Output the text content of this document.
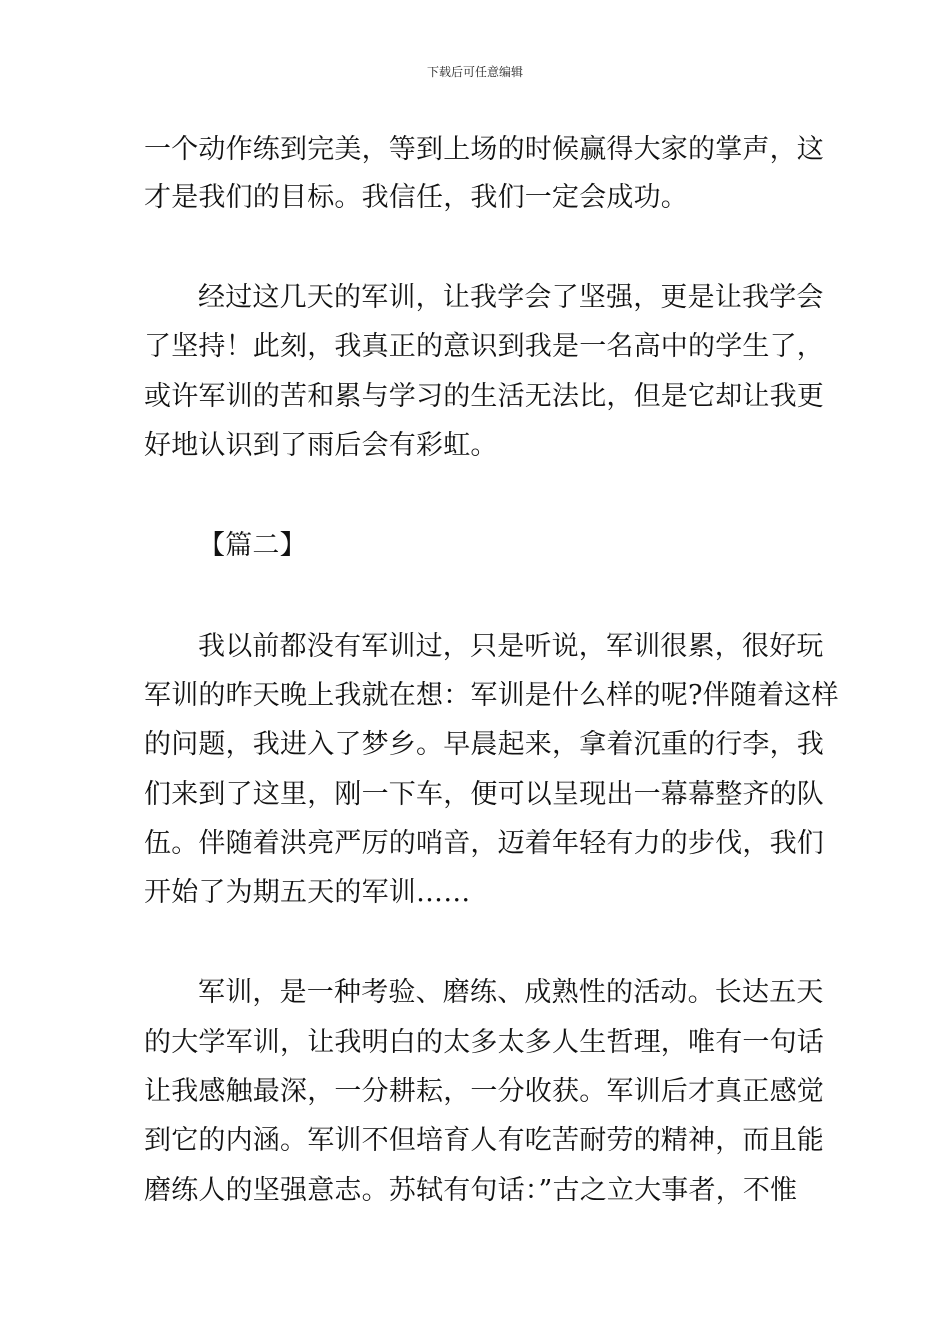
下载后可任意编辑
一个动作练到完美，等到上场的时候赢得大家的掌声，这
才是我们的目标。我信任，我们一定会成功。
经过这几天的军训，让我学会了坚强，更是让我学会
了坚持！此刻，我真正的意识到我是一名高中的学生了，
或许军训的苦和累与学习的生活无法比，但是它却让我更
好地认识到了雨后会有彩虹。
【篇二】
我以前都没有军训过，只是听说，军训很累，很好玩
军训的昨天晚上我就在想：军训是什么样的呢?伴随着这样
的问题，我进入了梦乡。早晨起来，拿着沉重的行李，我
们来到了这里，刚一下车，便可以呈现出一幕幕整齐的队
伍。伴随着洪亮严厉的哨音，迈着年轻有力的步伐，我们
开始了为期五天的军训……
军训，是一种考验、磨练、成熟性的活动。长达五天
的大学军训，让我明白的太多太多人生哲理，唯有一句话
让我感触最深，一分耕耘，一分收获。军训后才真正感觉
到它的内涵。军训不但培育人有吃苦耐劳的精神，而且能
磨练人的坚强意志。苏轼有句话：”古之立大事者，不惟
